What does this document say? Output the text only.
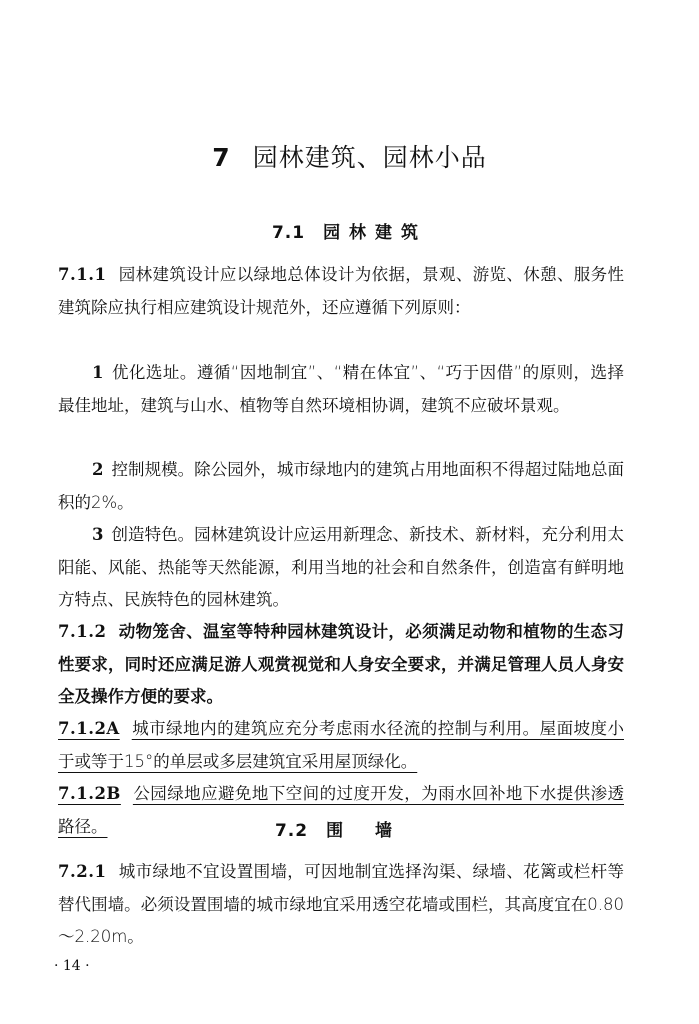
7 园林建筑、园林小品
7.1 园林建筑
7.1.1 园林建筑设计应以绿地总体设计为依据，景观、游览、休憩、服务性建筑除应执行相应建筑设计规范外，还应遵循下列原则：
1 优化选址。遵循“因地制宜”、“精在体宜”、“巧于因借”的原则，选择最佳地址，建筑与山水、植物等自然环境相协调，建筑不应破坏景观。
2 控制规模。除公园外，城市绿地内的建筑占用地面积不得超过陆地总面积的2%。
3 创造特色。园林建筑设计应运用新理念、新技术、新材料，充分利用太阳能、风能、热能等天然能源，利用当地的社会和自然条件，创造富有鲜明地方特点、民族特色的园林建筑。
7.1.2 动物笼舍、温室等特种园林建筑设计，必须满足动物和植物的生态习性要求，同时还应满足游人观赏视觉和人身安全要求，并满足管理人员人身安全及操作方便的要求。
7.1.2A 城市绿地内的建筑应充分考虑雨水径流的控制与利用。屋面坡度小于或等于15°的单层或多层建筑宜采用屋顶绿化。
7.1.2B 公园绿地应避免地下空间的过度开发，为雨水回补地下水提供渗透路径。	7.2 围墙
7.2.1 城市绿地不宜设置围墙，可因地制宜选择沟渠、绿墙、花篱或栏杆等替代围墙。必须设置围墙的城市绿地宜采用透空花墙或围栏，其高度宜在0.80～2.20m。
· 14 ·
